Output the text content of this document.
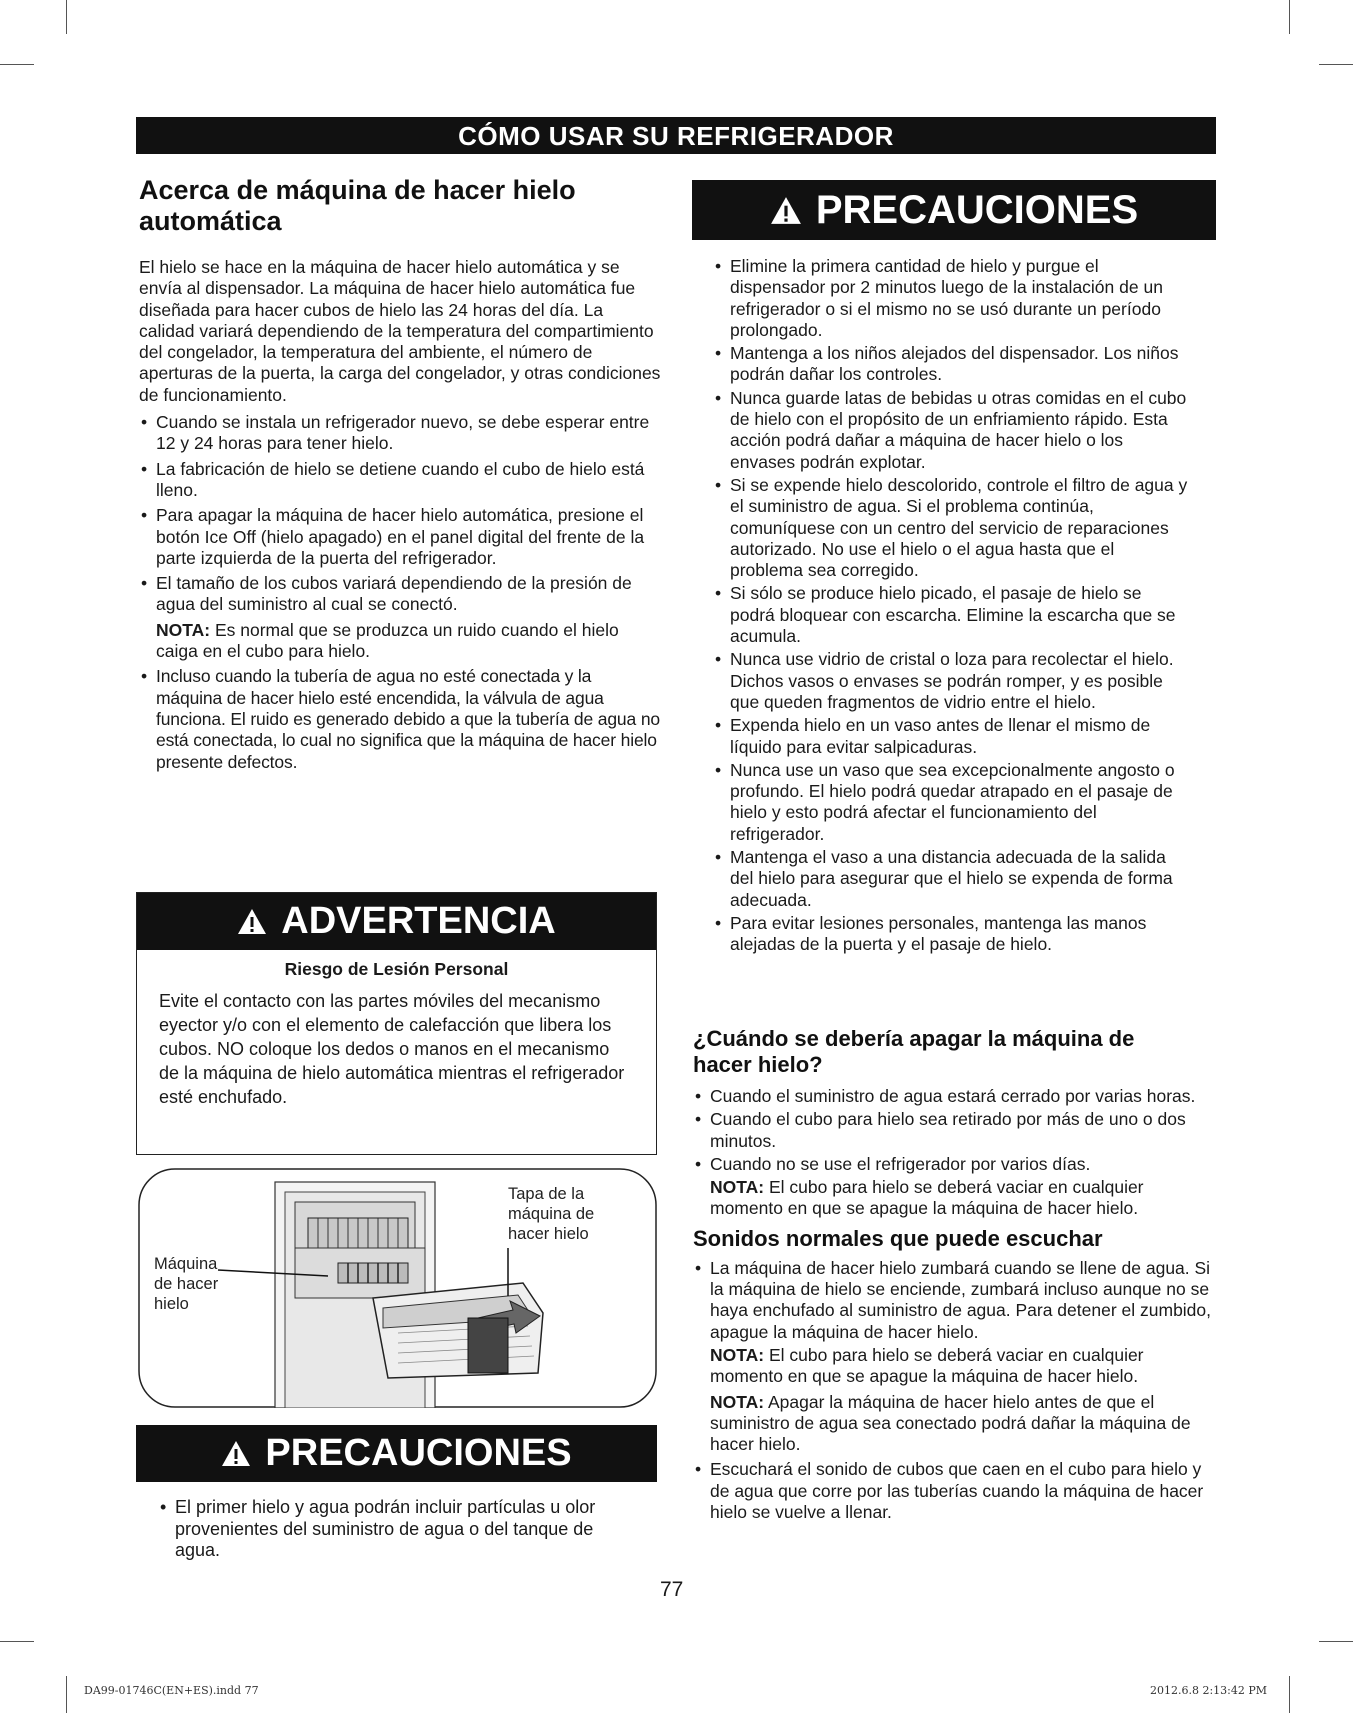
CÓMO USAR SU REFRIGERADOR
Acerca de máquina de hacer hielo automática

El hielo se hace en la máquina de hacer hielo automática y se envía al dispensador. La máquina de hacer hielo automática fue diseñada para hacer cubos de hielo las 24 horas del día. La calidad variará dependiendo de la temperatura del compartimiento del congelador, la temperatura del ambiente, el número de aperturas de la puerta, la carga del congelador, y otras condiciones de funcionamiento.

• Cuando se instala un refrigerador nuevo, se debe esperar entre 12 y 24 horas para tener hielo.
• La fabricación de hielo se detiene cuando el cubo de hielo está lleno.
• Para apagar la máquina de hacer hielo automática, presione el botón Ice Off (hielo apagado) en el panel digital del frente de la parte izquierda de la puerta del refrigerador.
• El tamaño de los cubos variará dependiendo de la presión de agua del suministro al cual se conectó.
NOTA: Es normal que se produzca un ruido cuando el hielo caiga en el cubo para hielo.
• Incluso cuando la tubería de agua no esté conectada y la máquina de hacer hielo esté encendida, la válvula de agua funciona. El ruido es generado debido a que la tubería de agua no está conectada, lo cual no significa que la máquina de hacer hielo presente defectos.
ADVERTENCIA
Riesgo de Lesión Personal

Evite el contacto con las partes móviles del mecanismo eyector y/o con el elemento de calefacción que libera los cubos. NO coloque los dedos o manos en el mecanismo de la máquina de hielo automática mientras el refrigerador esté enchufado.

Máquina de hacer hielo
Tapa de la máquina de hacer hielo
PRECAUCIONES
• El primer hielo y agua podrán incluir partículas u olor provenientes del suministro de agua o del tanque de agua.
PRECAUCIONES
• Elimine la primera cantidad de hielo y purgue el dispensador por 2 minutos luego de la instalación de un refrigerador o si el mismo no se usó durante un período prolongado.
• Mantenga a los niños alejados del dispensador. Los niños podrán dañar los controles.
• Nunca guarde latas de bebidas u otras comidas en el cubo de hielo con el propósito de un enfriamiento rápido. Esta acción podrá dañar a máquina de hacer hielo o los envases podrán explotar.
• Si se expende hielo descolorido, controle el filtro de agua y el suministro de agua. Si el problema continúa, comuníquese con un centro del servicio de reparaciones autorizado. No use el hielo o el agua hasta que el problema sea corregido.
• Si sólo se produce hielo picado, el pasaje de hielo se podrá bloquear con escarcha. Elimine la escarcha que se acumula.
• Nunca use vidrio de cristal o loza para recolectar el hielo. Dichos vasos o envases se podrán romper, y es posible que queden fragmentos de vidrio entre el hielo.
• Expenda hielo en un vaso antes de llenar el mismo de líquido para evitar salpicaduras.
• Nunca use un vaso que sea excepcionalmente angosto o profundo. El hielo podrá quedar atrapado en el pasaje de hielo y esto podrá afectar el funcionamiento del refrigerador.
• Mantenga el vaso a una distancia adecuada de la salida del hielo para asegurar que el hielo se expenda de forma adecuada.
• Para evitar lesiones personales, mantenga las manos alejadas de la puerta y el pasaje de hielo.
¿Cuándo se debería apagar la máquina de hacer hielo?
• Cuando el suministro de agua estará cerrado por varias horas.
• Cuando el cubo para hielo sea retirado por más de uno o dos minutos.
• Cuando no se use el refrigerador por varios días.
NOTA: El cubo para hielo se deberá vaciar en cualquier momento en que se apague la máquina de hacer hielo.
Sonidos normales que puede escuchar
• La máquina de hacer hielo zumbará cuando se llene de agua. Si la máquina de hielo se enciende, zumbará incluso aunque no se haya enchufado al suministro de agua. Para detener el zumbido, apague la máquina de hacer hielo.
NOTA: El cubo para hielo se deberá vaciar en cualquier momento en que se apague la máquina de hacer hielo.
NOTA: Apagar la máquina de hacer hielo antes de que el suministro de agua sea conectado podrá dañar la máquina de hacer hielo.
• Escuchará el sonido de cubos que caen en el cubo para hielo y de agua que corre por las tuberías cuando la máquina de hacer hielo se vuelve a llenar.
77
DA99-01746C(EN+ES).indd 77	2012.6.8 2:13:42 PM
